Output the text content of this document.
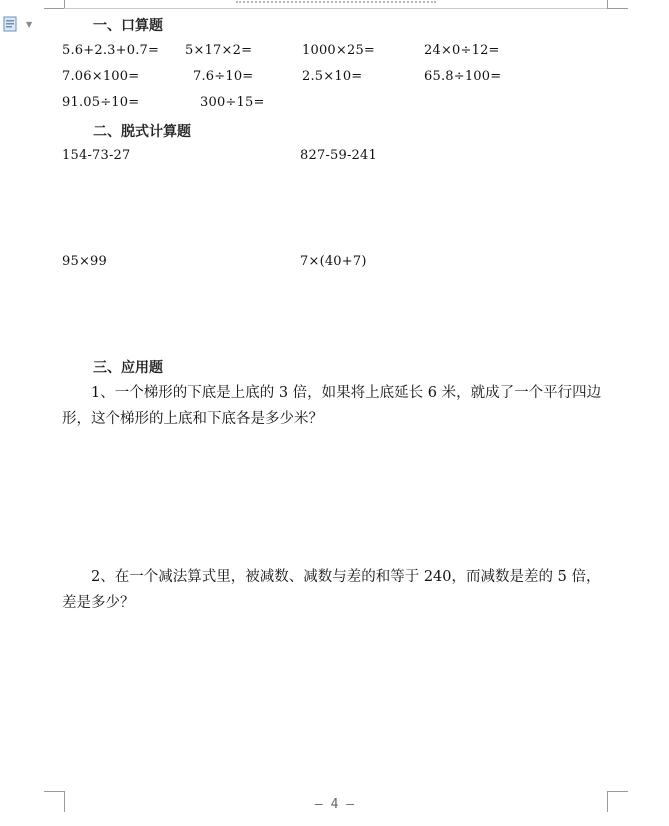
▼	一、口算题
5.6+2.3+0.7= 5×17×2=	1000×25=	24×0÷12=
7.06×100=	7.6÷10=	2.5×10=	65.8÷100=
91.05÷10=	300÷15=
二、脱式计算题
154-73-27	827-59-241
95×99	7×(40+7)
三、应用题

1、一个梯形的下底是上底的 3 倍，如果将上底延长 6 米，就成了一个平行四边形，这个梯形的上底和下底各是多少米？

2、在一个减法算式里，被减数、减数与差的和等于 240，而减数是差的 5 倍，差是多少？

— 4 —
